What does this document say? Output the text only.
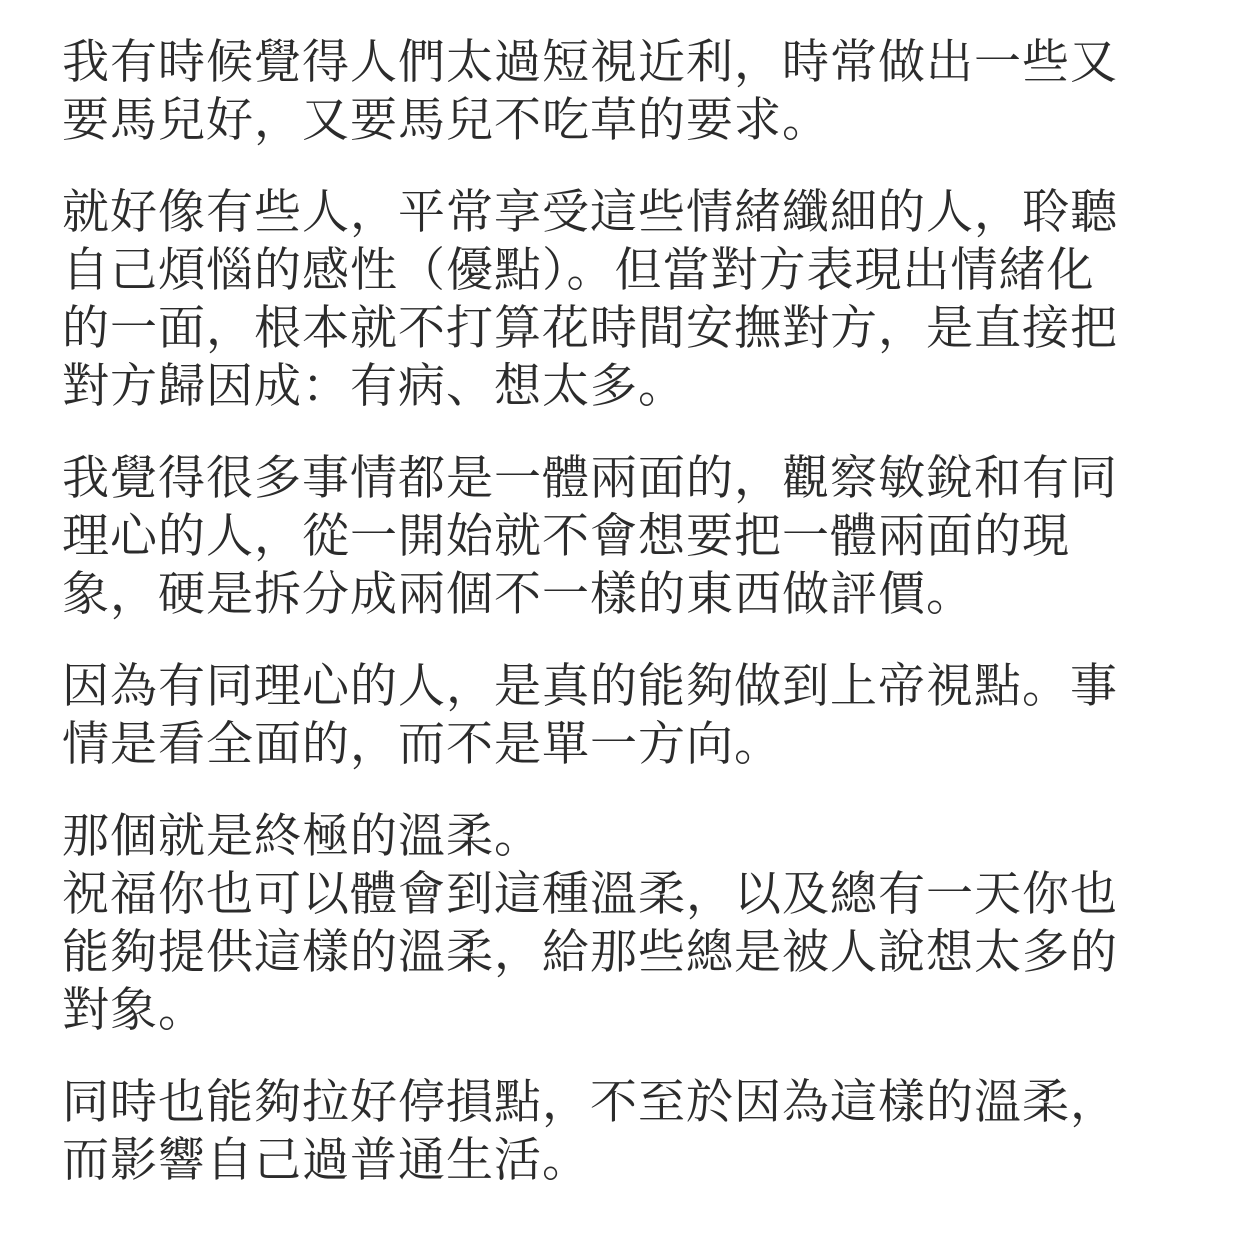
我有時候覺得人們太過短視近利，時常做出一些又
要馬兒好，又要馬兒不吃草的要求。

就好像有些人，平常享受這些情緒纖細的人，聆聽
自己煩惱的感性（優點）。但當對方表現出情緒化
的一面，根本就不打算花時間安撫對方，是直接把
對方歸因成：有病、想太多。

我覺得很多事情都是一體兩面的，觀察敏銳和有同
理心的人，從一開始就不會想要把一體兩面的現
象，硬是拆分成兩個不一樣的東西做評價。

因為有同理心的人，是真的能夠做到上帝視點。事
情是看全面的，而不是單一方向。

那個就是終極的溫柔。
祝福你也可以體會到這種溫柔，以及總有一天你也
能夠提供這樣的溫柔，給那些總是被人說想太多的
對象。

同時也能夠拉好停損點，不至於因為這樣的溫柔，
而影響自己過普通生活。
